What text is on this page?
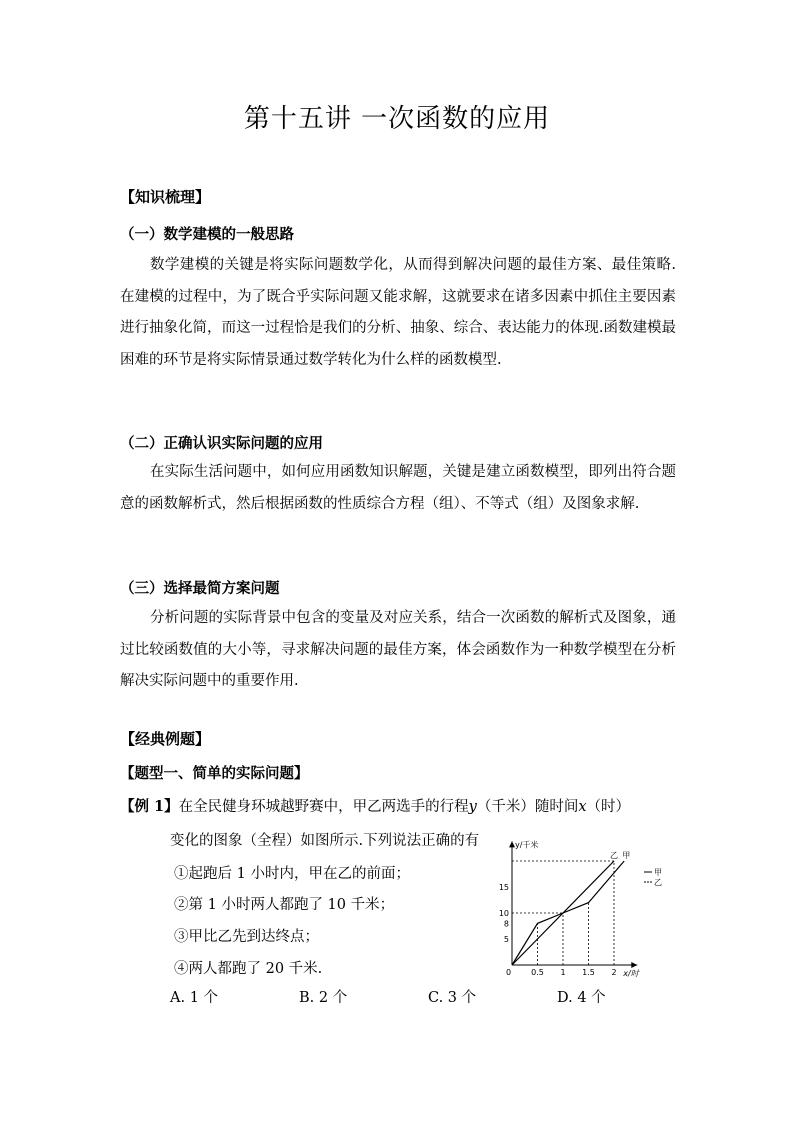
第十五讲 一次函数的应用
【知识梳理】
（一）数学建模的一般思路
数学建模的关键是将实际问题数学化，从而得到解决问题的最佳方案、最佳策略.在建模的过程中，为了既合乎实际问题又能求解，这就要求在诸多因素中抓住主要因素进行抽象化简，而这一过程恰是我们的分析、抽象、综合、表达能力的体现.函数建模最困难的环节是将实际情景通过数学转化为什么样的函数模型.
（二）正确认识实际问题的应用
在实际生活问题中，如何应用函数知识解题，关键是建立函数模型，即列出符合题意的函数解析式，然后根据函数的性质综合方程（组）、不等式（组）及图象求解.
（三）选择最简方案问题
分析问题的实际背景中包含的变量及对应关系，结合一次函数的解析式及图象，通过比较函数值的大小等，寻求解决问题的最佳方案，体会函数作为一种数学模型在分析解决实际问题中的重要作用.
【经典例题】
【题型一、简单的实际问题】
【例 1】在全民健身环城越野赛中，甲乙两选手的行程y（千米）随时间x（时）
变化的图象（全程）如图所示.下列说法正确的有
①起跑后 1 小时内，甲在乙的前面；
②第 1 小时两人都跑了 10 千米；
③甲比乙先到达终点；
④两人都跑了 20 千米.
A. 1 个	B. 2 个	C. 3 个	D. 4 个
y/千米
x/时
0	0.5 1 1.5 2
5
8
10
15
乙 甲
甲
乙
